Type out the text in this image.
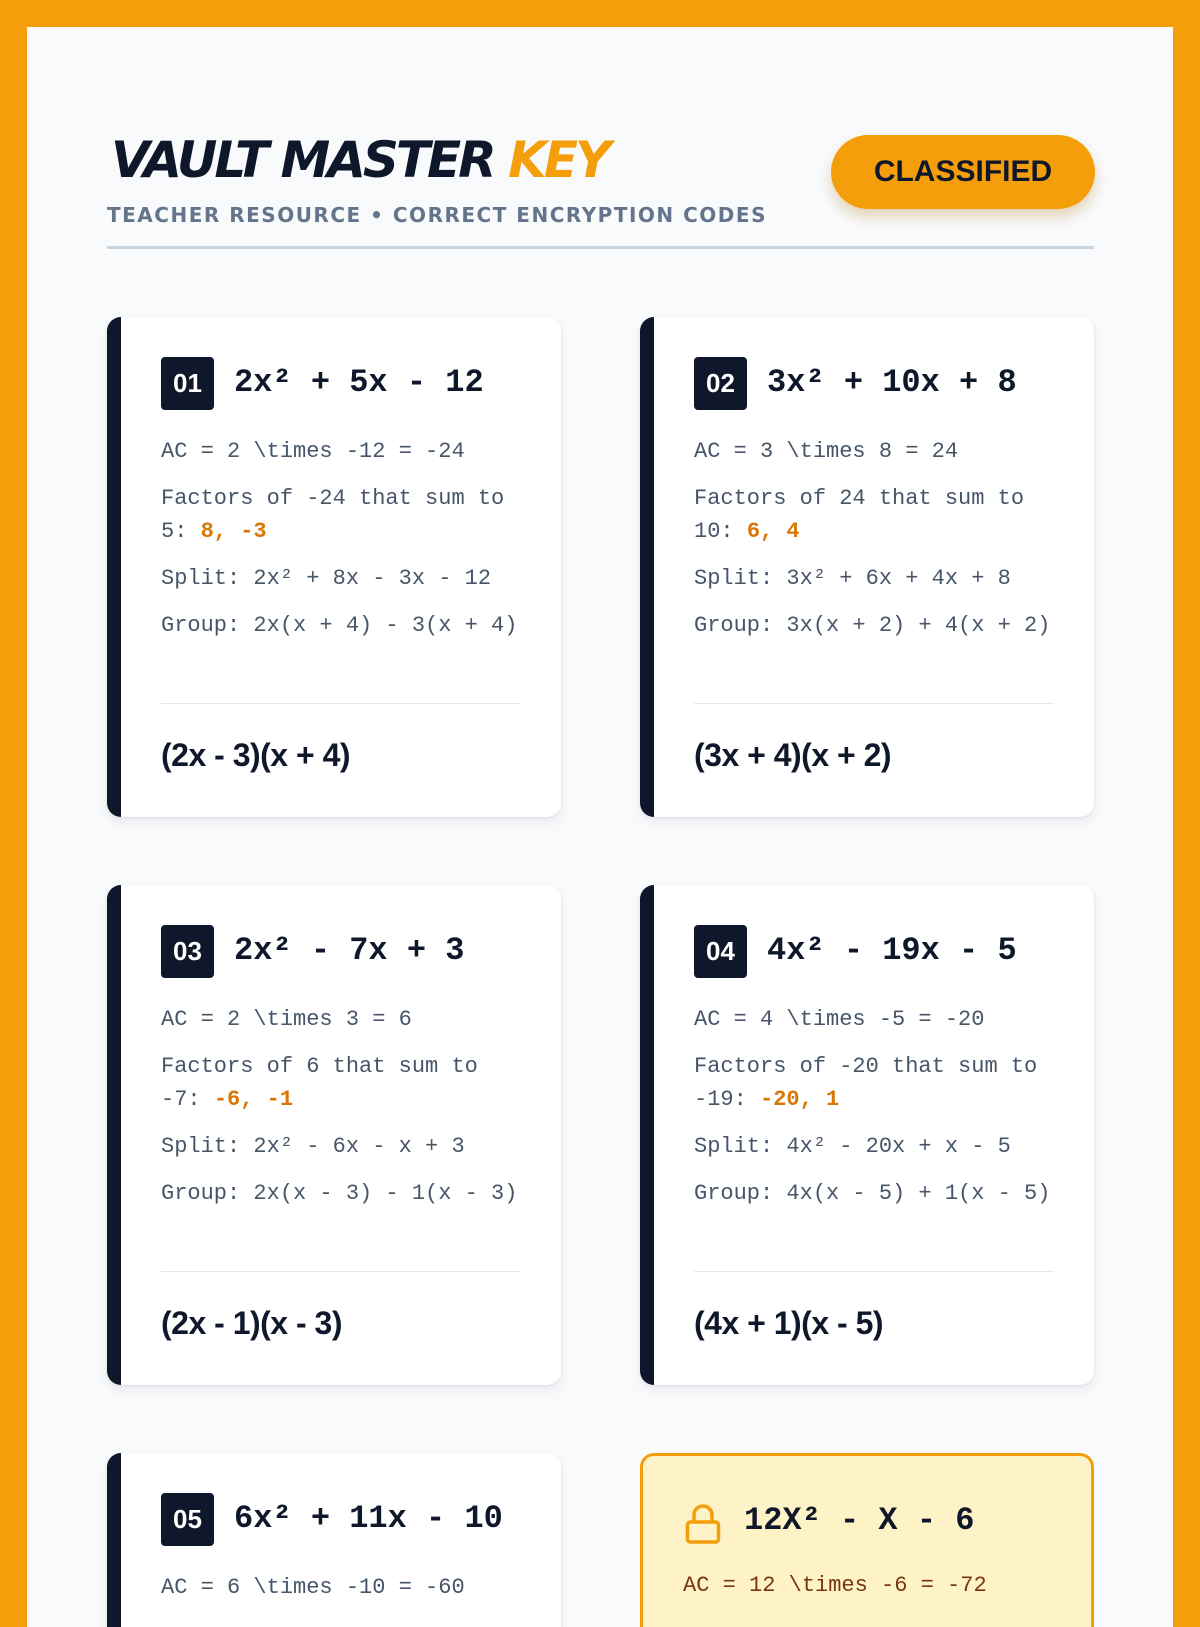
VAULT MASTER KEY
TEACHER RESOURCE • CORRECT ENCRYPTION CODES
CLASSIFIED
01	2x² + 5x - 12
AC = 2 \times -12 = -24
Factors of -24 that sum to 5: 8, -3
Split: 2x² + 8x - 3x - 12
Group: 2x(x + 4) - 3(x + 4)
(2x - 3)(x + 4)
02	3x² + 10x + 8
AC = 3 \times 8 = 24
Factors of 24 that sum to 10: 6, 4
Split: 3x² + 6x + 4x + 8
Group: 3x(x + 2) + 4(x + 2)
(3x + 4)(x + 2)
03	2x² - 7x + 3
AC = 2 \times 3 = 6
Factors of 6 that sum to -7: -6, -1
Split: 2x² - 6x - x + 3
Group: 2x(x - 3) - 1(x - 3)
(2x - 1)(x - 3)
04	4x² - 19x - 5
AC = 4 \times -5 = -20
Factors of -20 that sum to -19: -20, 1
Split: 4x² - 20x + x - 5
Group: 4x(x - 5) + 1(x - 5)
(4x + 1)(x - 5)
05	6x² + 11x - 10
AC = 6 \times -10 = -60
12X² - X - 6
AC = 12 \times -6 = -72
